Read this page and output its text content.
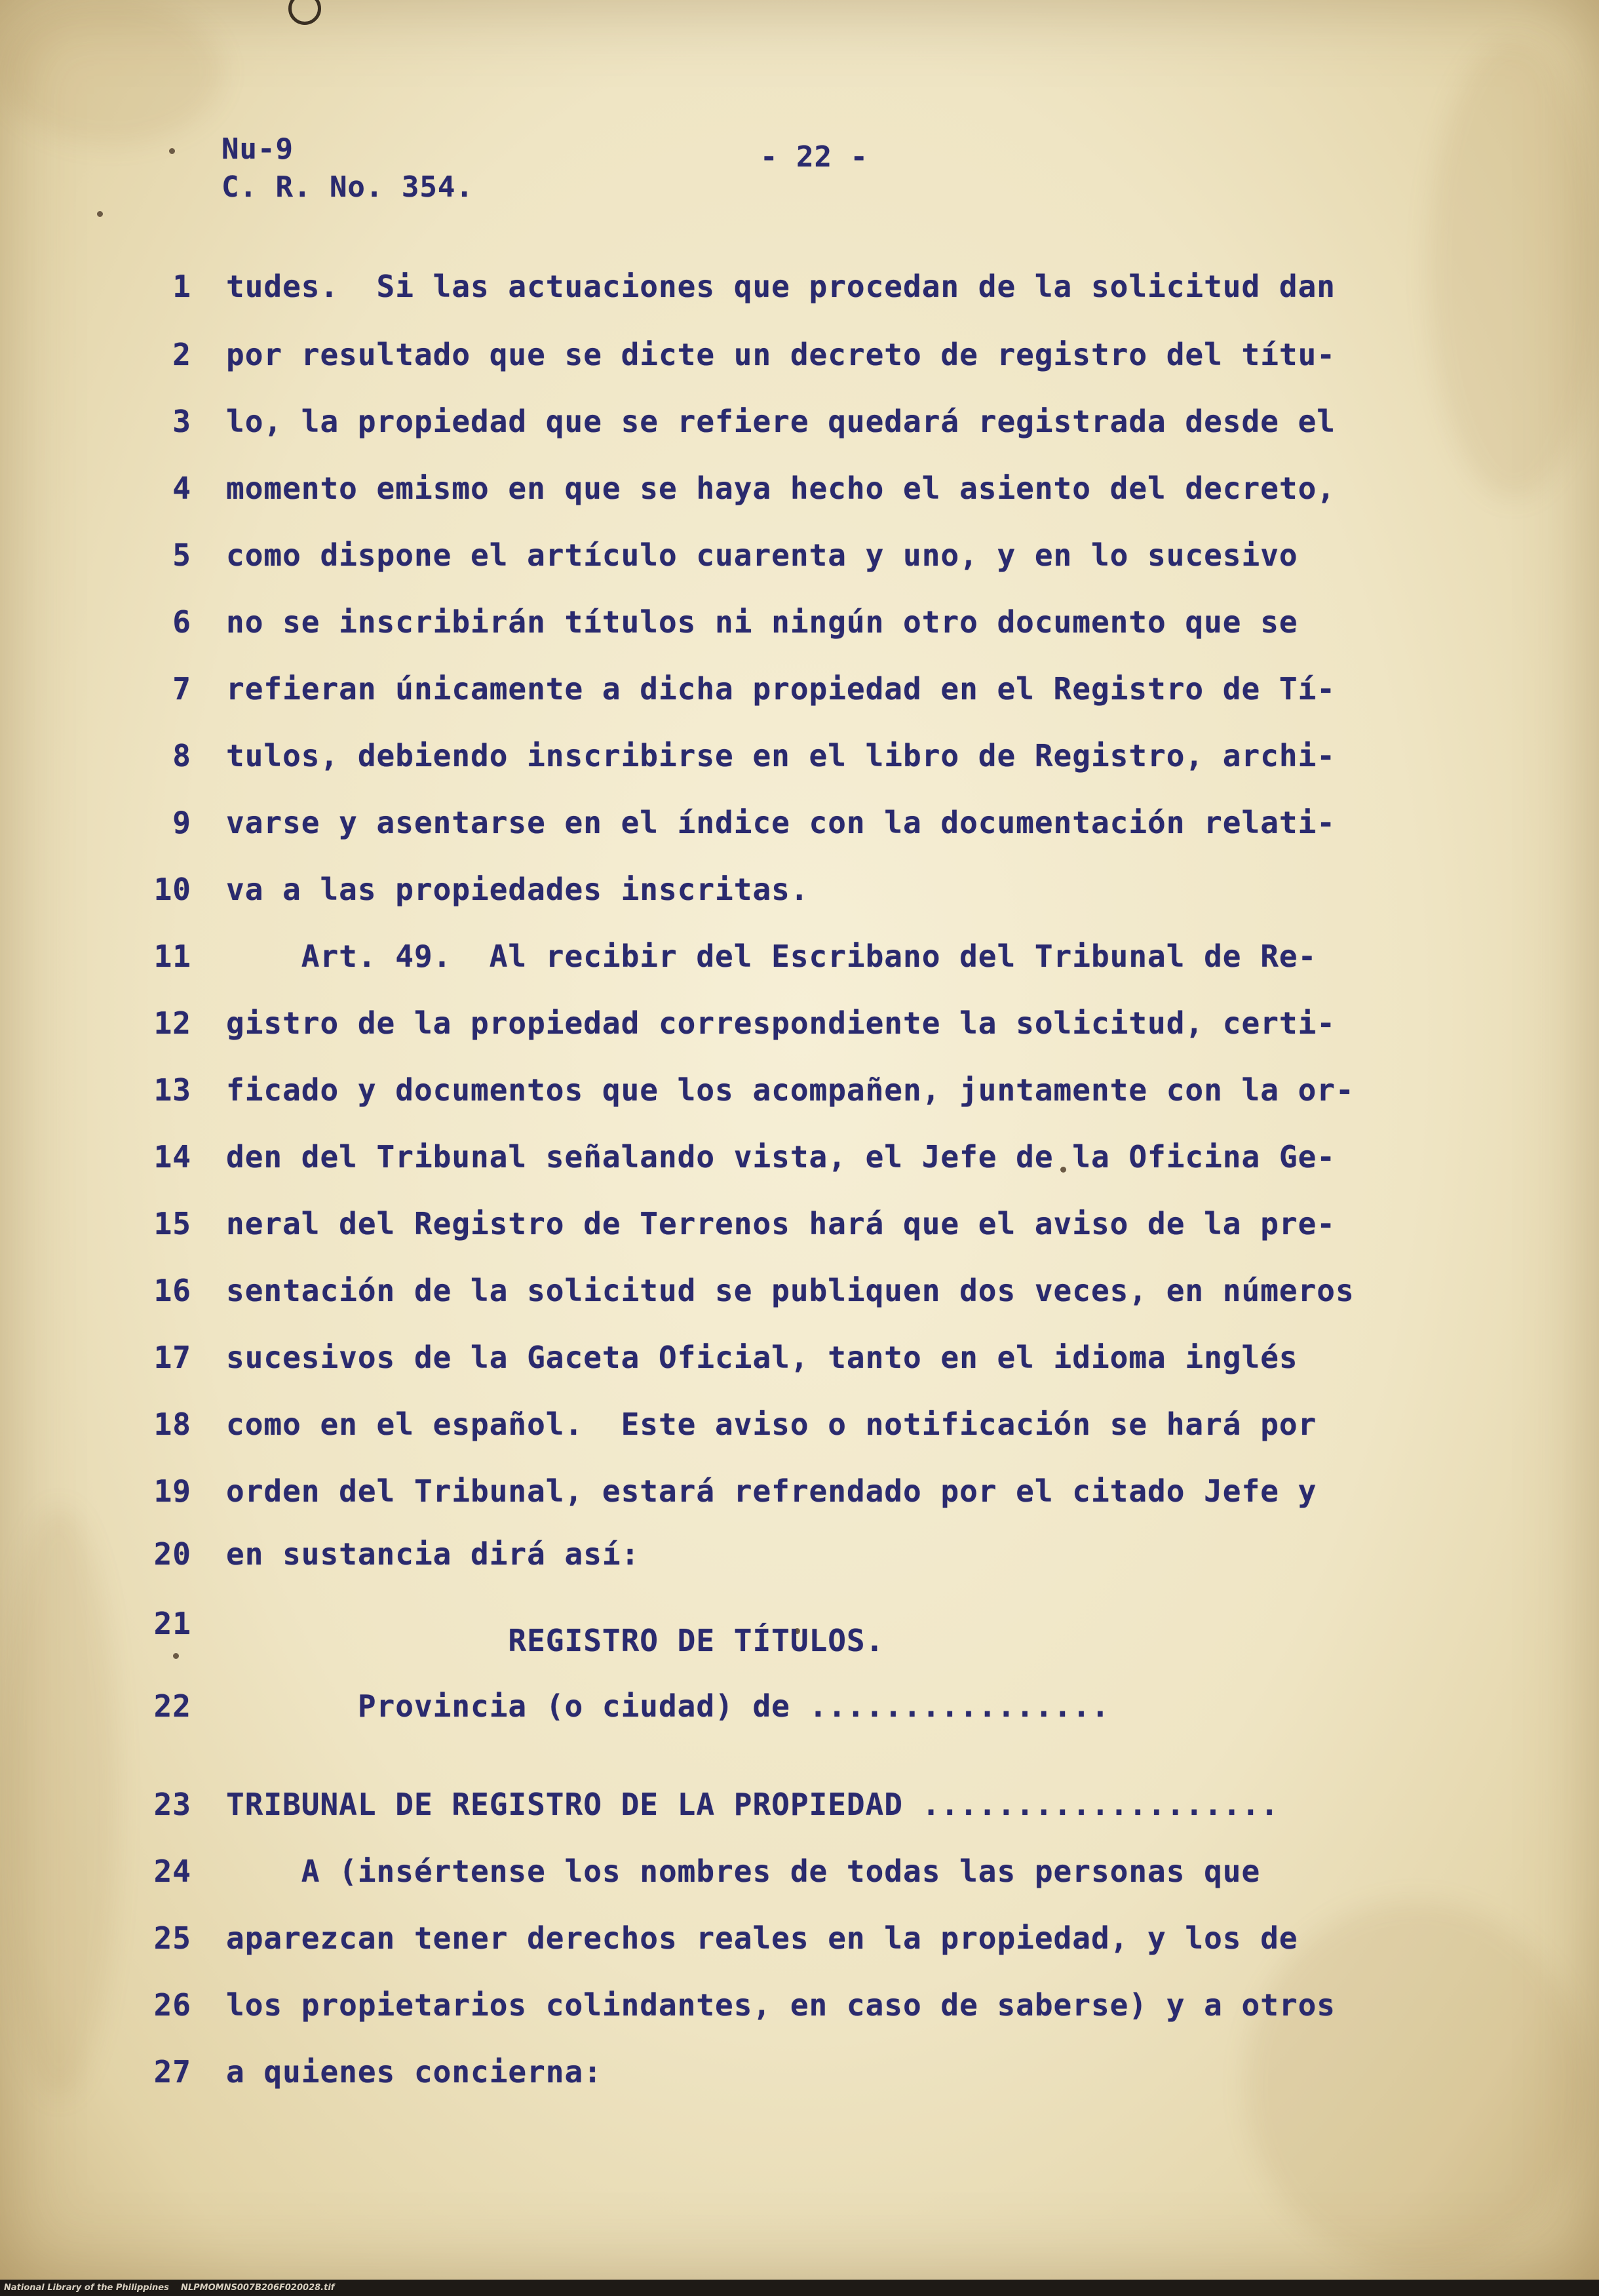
Nu-9
C. R. No. 354.
- 22 -
1
2
3
4
5
6
7
8
9
10
11
12
13
14
15
16
17
18
19
20
21
22
23
24
25
26
27
tudes.  Si las actuaciones que procedan de la solicitud dan
por resultado que se dicte un decreto de registro del títu-
lo, la propiedad que se refiere quedará registrada desde el
momento emismo en que se haya hecho el asiento del decreto,
como dispone el artículo cuarenta y uno, y en lo sucesivo
no se inscribirán títulos ni ningún otro documento que se
refieran únicamente a dicha propiedad en el Registro de Tí-
tulos, debiendo inscribirse en el libro de Registro, archi-
varse y asentarse en el índice con la documentación relati-
va a las propiedades inscritas.
Art. 49.  Al recibir del Escribano del Tribunal de Re-
gistro de la propiedad correspondiente la solicitud, certi-
ficado y documentos que los acompañen, juntamente con la or-
den del Tribunal señalando vista, el Jefe de la Oficina Ge-
neral del Registro de Terrenos hará que el aviso de la pre-
sentación de la solicitud se publiquen dos veces, en números
sucesivos de la Gaceta Oficial, tanto en el idioma inglés
como en el español.  Este aviso o notificación se hará por
orden del Tribunal, estará refrendado por el citado Jefe y
en sustancia dirá así:
REGISTRO DE TÍTULOS.
Provincia (o ciudad) de ................
TRIBUNAL DE REGISTRO DE LA PROPIEDAD ...................
A (insértense los nombres de todas las personas que
aparezcan tener derechos reales en la propiedad, y los de
los propietarios colindantes, en caso de saberse) y a otros
a quienes concierna:
National Library of the Philippines NLPMOMNS007B206F020028.tif
